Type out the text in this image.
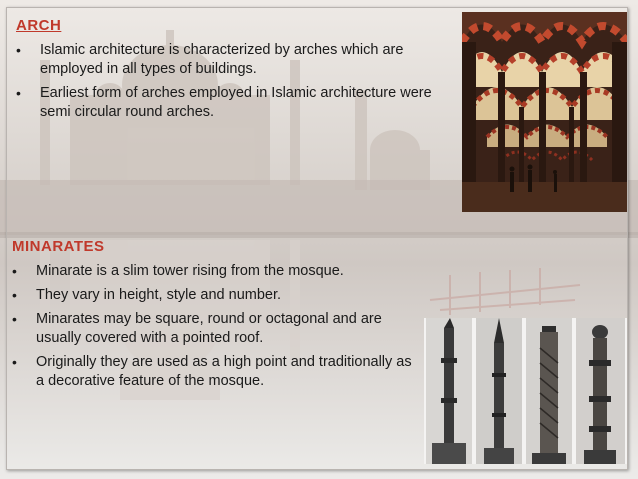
ARCH
• Islamic architecture is characterized by arches which are employed in all types of buildings.
• Earliest form of arches employed in Islamic architecture were semi circular round arches.
MINARATES
• Minarate is a slim tower rising from the mosque.
• They vary in height, style and number.
• Minarates may be square, round or octagonal and are usually covered with a pointed roof.
• Originally they are used as a high point and traditionally as a decorative feature of the mosque.
